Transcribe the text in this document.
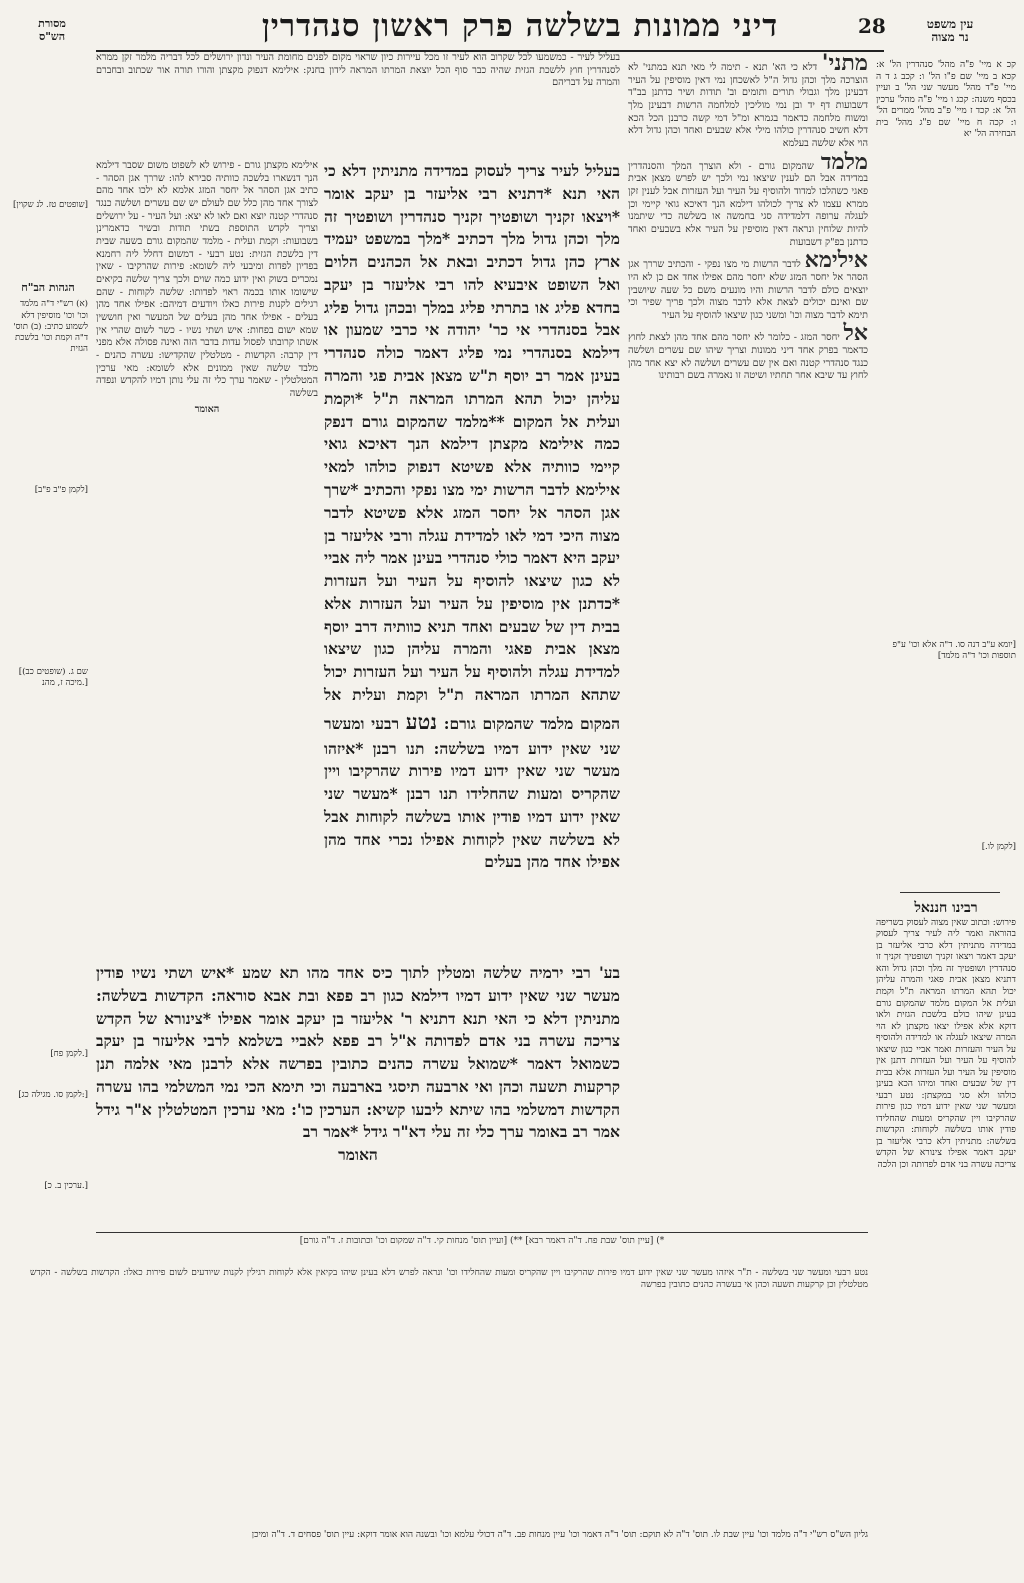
מסורת
הש"ס	דיני ממונות בשלשה פרק ראשון סנהדרין	28	עין משפט
נר מצוה
[שופטים טז. לנ שקוין]
הגהות הב"ח
(א) רש"י ד"ה מלמד וכו' וכו' מוסיפין דלא לשמוע כתיב: (ב) תוס' ד"ה וקמת וכו' בלשכת הגזית
[לקמן פ"ב פ"ב]
[שם ג. (שופטים כב) מיכה ז, מהנ.]
[לקמן פח.]
[לקמן סו. מגילה כג:]
[ערכין ב. כ.]
בעליל לעיר - כמשמעו לכל שקרוב הוא לעיר זו מכל עיירות כיון שראוי מקום לפנים מחומת העיר ונדון ירושלים לכל דבריה מלמר זקן ממרא לסנהדרין חוץ ללשכת הגזית שהיה כבר סוף הכל יוצאת המרתו המראה לידון בחנק: אילימא דנפוק מקצתן והורו תורה אור שכתוב ובחברם והמרה על דבריהם
אילימא מקצתן גורם - פירוש לא לשפוט משום שסבר דילמא הנך דנשארו בלשכה כוותיה סבירא להו: שררך אגן הסהר - כתיב אגן הסהר אל יחסר המזג אלמא לא ילכו אחד מהם לצורך אחד מהן כלל שם לעולם יש שם עשרים ושלשה כנגד סנהדרי קטנה יוצא ואם לאו לא יצא: ועל העיר - על ירושלים וצריך לקדש התוספת בשתי תודות ובשיר כדאמרינן בשבועות: וקמת ועלית - מלמד שהמקום גורם בשעה שבית דין בלשכת הגזית: נטע רבעי - דמשום דחלל ליה רחמנא בפדיון לפדות ומיבעי ליה לשומא: פירות שהרקיבו - שאין נמכרים בשוק ואין ידוע כמה שוים ולכך צריך שלשה בקיאים שישומו אותו בכמה ראוי לפדותו: שלשה לקוחות - שהם רגילים לקנות פירות כאלו ויודעים דמיהם: אפילו אחד מהן בעלים - אפילו אחד מהן בעלים של המעשר ואין חוששין שמא ישום בפחות: איש ושתי נשיו - כשר לשום שהרי אין אשתו קרובתו לפסול עדות בדבר הזה ואינה פסולה אלא מפני דין קרבה: הקדשות - מטלטלין שהקדישו: עשרה כהנים - מלבד שלשה שאין ממונים אלא לשומא: מאי ערכין המטלטלין - שאמר ערך כלי זה עלי נותן דמיו להקדש ונפדה בשלשה
האומר
בעליל לעיר צריך לעסוק במדידה מתניתין דלא כי האי תנא *דתניא רבי אליעזר בן יעקב אומר *ויצאו זקניך ושופטיך זקניך סנהדרין ושופטיך זה מלך וכהן גדול מלך דכתיב *מלך במשפט יעמיד ארץ כהן גדול דכתיב ובאת אל הכהנים הלוים ואל השופט איבעיא להו רבי אליעזר בן יעקב בחדא פליג או בתרתי פליג במלך ובכהן גדול פליג אבל בסנהדרי אי כר' יהודה אי כרבי שמעון או דילמא בסנהדרי נמי פליג דאמר כולה סנהדרי בעינן אמר רב יוסף ת"ש מצאן אבית פגי והמרה עליהן יכול תהא המרתו המראה ת"ל *וקמת ועלית אל המקום **מלמד שהמקום גורם דנפק כמה אילימא מקצתן דילמא הנך דאיכא גואי קיימי כוותיה אלא פשיטא דנפוק כולהו למאי אילימא לדבר הרשות ימי מצו נפקי והכתיב *שרך אגן הסהר אל יחסר המזג אלא פשיטא לדבר מצוה היכי דמי לאו למדידת עגלה ורבי אליעזר בן יעקב היא דאמר כולי סנהדרי בעינן אמר ליה אביי לא כגון שיצאו להוסיף על העיר ועל העזרות *כדתנן אין מוסיפין על העיר ועל העזרות אלא בבית דין של שבעים ואחד תניא כוותיה דרב יוסף מצאן אבית פאגי והמרה עליהן כגון שיצאו למדידת עגלה ולהוסיף על העיר ועל העזרות יכול שתהא המרתו המראה ת"ל וקמת ועלית אל המקום מלמד שהמקום גורם: נטע רבעי ומעשר שני שאין ידוע דמיו בשלשה: תנו רבנן *איזהו מעשר שני שאין ידוע דמיו פירות שהרקיבו ויין שהקריס ומעות שהחלידו תנו רבנן *מעשר שני שאין ידוע דמיו פודין אותו בשלשה לקוחות אבל לא בשלשה שאין לקוחות אפילו נכרי אחד מהן אפילו אחד מהן בעלים
בע' רבי ירמיה שלשה ומטלין לתוך כיס אחד מהו תא שמע *איש ושתי נשיו פודין מעשר שני שאין ידוע דמיו דילמא כגון רב פפא ובת אבא סוראה: הקדשות בשלשה: מתניתין דלא כי האי תנא דתניא ר' אליעזר בן יעקב אומר אפילו *צינורא של הקדש צריכה עשרה בני אדם לפדותה א"ל רב פפא לאביי בשלמא לרבי אליעזר בן יעקב כשמואל דאמר *שמואל עשרה כהנים כתובין בפרשה אלא לרבנן מאי אלמה תנן קרקעות תשעה וכהן ואי ארבעה תיסגי בארבעה וכי תימא הכי נמי המשלמי בהו עשרה הקדשות דמשלמי בהו שיתא ליבעו קשיא: הערכין כו': מאי ערכין המטלטלין א"ר גידל אמר רב באומר ערך כלי זה עלי דא"ר גידל *אמר רב
האומר
מתני' דלא כי הא' תנא - תימה לי מאי תנא במתני' לא הוצרכה מלך וכהן גדול ה"ל לאשכחן נמי דאין מוסיפין על העיר דבעינן מלך וגבולי תורים ותומים וב' תודות ושיר כדתנן בב"ד דשבועות דף יד ובן נמי מוליכין למלחמה הרשות דבעינן מלך ומשוח מלחמה כדאמר בגמרא ומ"ל דמי קשה כרבנן הכל הכא דלא חשיב סנהדרין כולהו מילי אלא שבעים ואחד וכהן גדול דלא הוי אלא שלשה בעלמא
מלמד שהמקום גורם - ולא הוצרך המלך והסנהדרין במדידה אבל הם לענין שיצאו נמי ולכך יש לפרש מצאן אבית פאגי כשהלכו למדוד ולהוסיף על העיר ועל העזרות אבל לענין זקן ממרא עצמו לא צריך לכולהו דילמא הנך דאיכא גואי קיימי וכן לעגלה ערופה דלמדידה סגי בחמשה או בשלשה כדי שיתמנו להיות שלוחין ונראה דאין מוסיפין על העיר אלא בשבעים ואחד כדתנן בפ"ק דשבועות
אילימא לדבר הרשות מי מצו נפקי - והכתיב שררך אגן הסהר אל יחסר המזג שלא יחסר מהם אפילו אחד אם כן לא היו יוצאים כולם לדבר הרשות והיו מונעים משם כל שעה שיושבין שם ואינם יכולים לצאת אלא לדבר מצוה ולכך פריך שפיר וכי תימא לדבר מצוה וכו' ומשני כגון שיצאו להוסיף על העיר
אל יחסר המזג - כלומר לא יחסר מהם אחד מהן לצאת לחוץ כדאמר בפרק אחד דיני ממונות וצריך שיהו שם עשרים ושלשה כנגד סנהדרי קטנה ואם אין שם עשרים ושלשה לא יצא אחד מהן לחוץ עד שיבא אחר תחתיו ושיטה זו נאמרה בשם רבותינו
קכ א מיי' פ"ה מהל' סנהדרין הל' א: קכא ב מיי' שם פ"ו הל' ו: קכב ג ד ה מיי' פ"ד מהל' מעשר שני הל' ב ועיין בכסף משנה: קכג ו מיי' פ"ה מהל' ערכין הל' א: קכד ז מיי' פ"ב מהל' ממרים הל' ו: קכה ח מיי' שם פ"ג מהל' בית הבחירה הל' יא
[יומא ע"ב דנה סו. ד"ה אלא וכו' ע"פ תוספות וכו' ד"ה מלמד]
[לקמן לו.]
רבינו חננאל
פירוש: וכתוב שאין מצוה לעסוק בשריפה בהוראה ואמר ליה לעיר צריך לעסוק במדידה מתניתין דלא כרבי אליעזר בן יעקב דאמר ויצאו זקניך ושופטיך זקניך זו סנהדרין ושופטיך זה מלך וכהן גדול והא דתניא מצאן אבית פאגי והמרה עליהן יכול תהא המרתו המראה ת"ל וקמת ועלית אל המקום מלמד שהמקום גורם בעינן שיהו כולם בלשכת הגזית ולאו דוקא אלא אפילו יצאו מקצתן לא הוי המרה שיצאו לעגלה או למדידה ולהוסיף על העיר והעזרות ואמר אביי כגון שיצאו להוסיף על העיר ועל העזרות דתנן אין מוסיפין על העיר ועל העזרות אלא בבית דין של שבעים ואחד ומיהו הכא בעינן כולהו ולא סגי במקצתן: נטע רבעי ומעשר שני שאין ידוע דמיו כגון פירות שהרקיבו ויין שהקריס ומעות שהחלידו פודין אותו בשלשה לקוחות: הקדשות בשלשה: מתניתין דלא כרבי אליעזר בן יעקב דאמר אפילו צינורא של הקדש צריכה עשרה בני אדם לפדותה וכן הלכה
*) [עיין תוס' שבת פח. ד"ה דאמר רבא] **) [ועיין תוס' מנחות קי. ד"ה שמקום וכו' וכתובות ז. ד"ה גורם]
נטע רבעי ומעשר שני בשלשה - ת"ר איזהו מעשר שני שאין ידוע דמיו פירות שהרקיבו ויין שהקריס ומעות שהחלידו וכו' ונראה לפרש דלא בעינן שיהו בקיאין אלא לקוחות רגילין לקנות שיודעים לשום פירות כאלו: הקדשות בשלשה - הקדש מטלטלין וכן קרקעות תשעה וכהן אי בעשרה כהנים כתובין בפרשה
גליון הש"ס רש"י ד"ה מלמד וכו' עיין שבת לו. תוס' ד"ה לא תוקם: תוס' ד"ה דאמר וכו' עיין מנחות פב. ד"ה דכולי עלמא וכו' ובשנה הוא אומר דוקא: עיין תוס' פסחים ד. ד"ה ומיכן
